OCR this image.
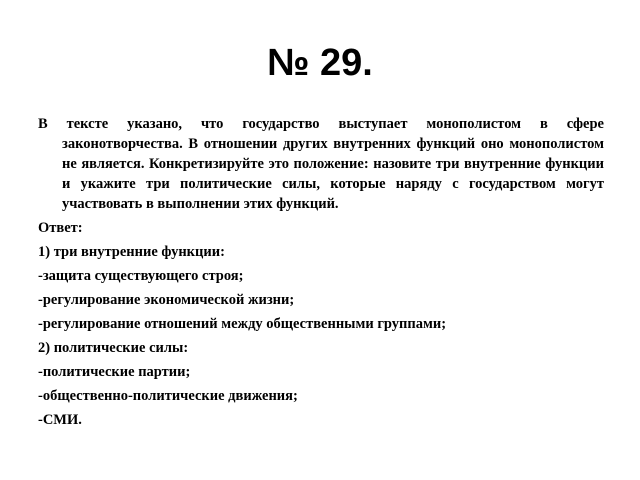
№ 29.

В тексте указано, что государство выступает монополистом в сфере законотворчества. В отношении других внутренних функций оно монополистом не является. Конкретизируйте это положение: назовите три внутренние функции и укажите три политические силы, которые наряду с государством могут участвовать в выполнении этих функций.

Ответ:

1) три внутренние функции:

-защита существующего строя;

-регулирование экономической жизни;

-регулирование отношений между общественными группами;

2) политические силы:

-политические партии;

-общественно-политические движения;

-СМИ.
